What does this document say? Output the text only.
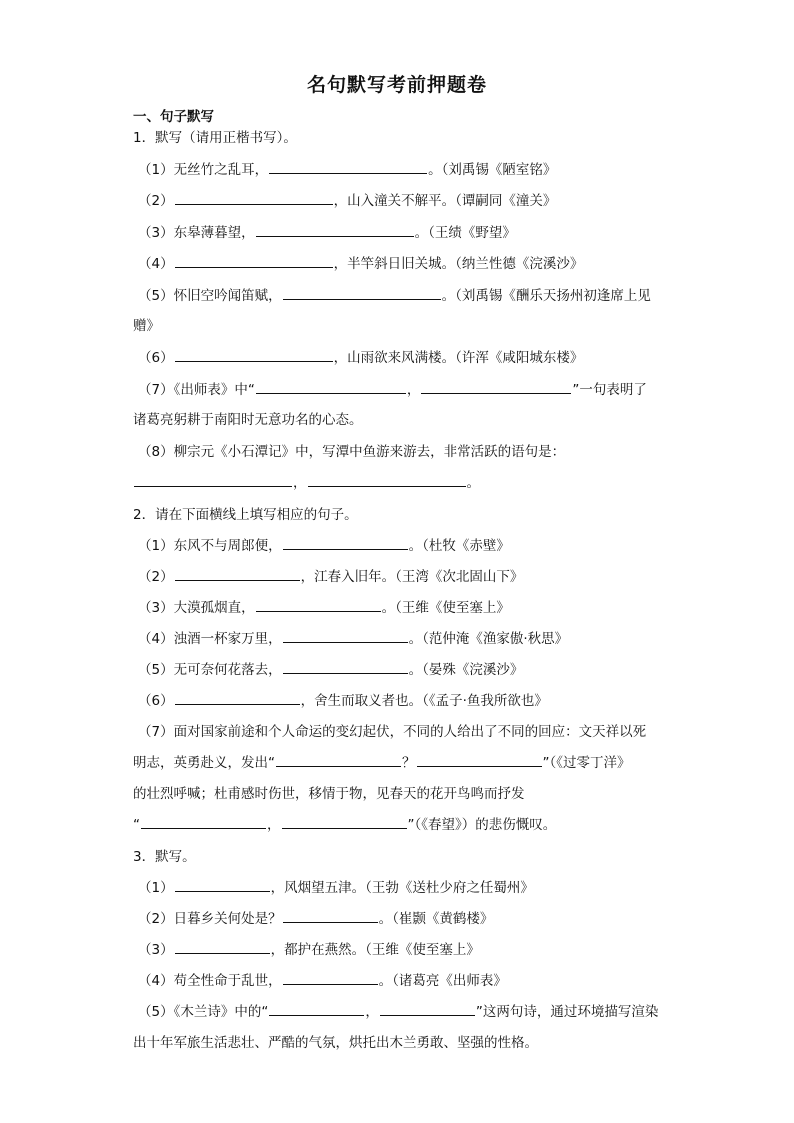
名句默写考前押题卷
一、句子默写
1．默写（请用正楷书写）。
（1）无丝竹之乱耳，	。（刘禹锡《陋室铭》
（2）	，山入潼关不解平。（谭嗣同《潼关》
（3）东皋薄暮望，	。（王绩《野望》
（4）	，半竿斜日旧关城。（纳兰性德《浣溪沙》
（5）怀旧空吟闻笛赋，	。（刘禹锡《酬乐天扬州初逢席上见
赠》
（6）	，山雨欲来风满楼。（许浑《咸阳城东楼》
（7）《出师表》中“	，	”一句表明了
诸葛亮躬耕于南阳时无意功名的心态。
（8）柳宗元《小石潭记》中，写潭中鱼游来游去，非常活跃的语句是：
，	。
2．请在下面横线上填写相应的句子。
（1）东风不与周郎便，	。（杜牧《赤壁》
（2）	，江春入旧年。（王湾《次北固山下》
（3）大漠孤烟直，	。（王维《使至塞上》
（4）浊酒一杯家万里，	。（范仲淹《渔家傲·秋思》
（5）无可奈何花落去，	。（晏殊《浣溪沙》
（6）	，舍生而取义者也。（《孟子·鱼我所欲也》
（7）面对国家前途和个人命运的变幻起伏，不同的人给出了不同的回应：文天祥以死
明志，英勇赴义，发出“	？	”（《过零丁洋》
的壮烈呼喊；杜甫感时伤世，移情于物，见春天的花开鸟鸣而抒发
“	，	”（《春望》）的悲伤慨叹。
3．默写。
（1）	，风烟望五津。（王勃《送杜少府之任蜀州》
（2）日暮乡关何处是？	。（崔颢《黄鹤楼》
（3）	，都护在燕然。（王维《使至塞上》
（4）苟全性命于乱世，	。（诸葛亮《出师表》
（5）《木兰诗》中的“	，	”这两句诗，通过环境描写渲染
出十年军旅生活悲壮、严酷的气氛，烘托出木兰勇敢、坚强的性格。
